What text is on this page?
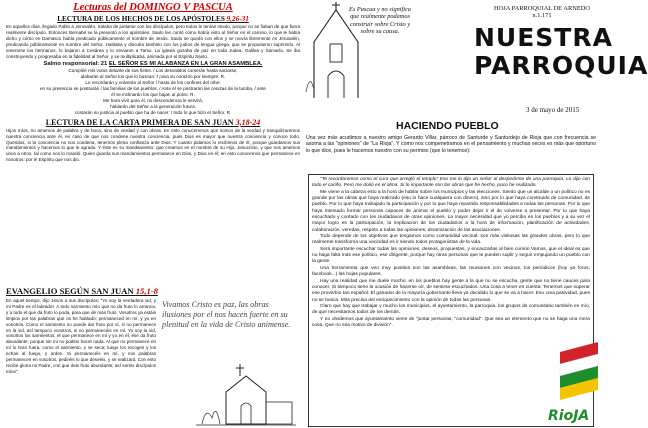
Lecturas del DOMINGO V PASCUA
LECTURA DE LOS HECHOS DE LOS APÓSTOLES 9,26-31

En aquellos días, llegado Pablo a Jerusalén, trataba de juntarse con los discípulos, pero todos le tenían miedo, porque no se fiaban de que fuera realmente discípulo. Entonces Bernabé se la presentó a los apóstoles. Saulo les contó cómo había visto al Señor en el camino, lo que le había dicho y cómo en Damasco había predicado públicamente el nombre de Jesús. Saulo se quedó con ellos y se movía libremente en Jerusalén, predicando públicamente en nombre del Señor. Hablaba y discutía también con los judíos de lengua griega, que se propusieron suprimirlo. Al enterarse los hermanos, lo bajaron a Cesárea y lo enviaron a Tarso. La iglesia gozaba de paz en toda Judea, Galilea y Samaría. Se iba construyendo y progresaba en la fidelidad al Señor, y se multiplicaba, animada por el Espíritu Santo.

Salmo responsorial: 21 EL SEÑOR ES MI ALABANZA EN LA GRAN ASAMBLEA.

Cumpliré mis votos delante de sus fieles. / Los desvalidos comerán hasta saciarse,

alabarán al Señor los que lo buscan: / ¡viva su corazón por siempre. R.

Lo recordarán y volverán al Señor / hasta de los confines del orbe;

en su presencia se postrarán / las familias de los pueblos. / Ante él se postrarán las cenizas de la tumba, / ante

él se inclinarán los que bajan al polvo. R.

Me hará vivir para él, mi descendencia le servirá,

hablarán del Señor a la generación futura,

contarán su justicia al pueblo que ha de nacer: / todo lo que hizo el Señor. R.

LECTURA DE LA CARTA PRIMERA DE SAN JUAN 3,18-24

Hijos míos, no amemos de palabra y de boca, sino de verdad y con obras. En esto conoceremos que somos de la verdad y tranquilizaremos nuestra conciencia ante él, en caso de que nos condene nuestra conciencia, pues Dios es mayor que nuestra conciencia y conoce todo. Queridos, si la conciencia no nos condena, tenemos plena confianza ante Dios. Y cuanto pidamos lo recibimos de él, porque guardamos sus mandamientos y hacemos lo que le agrada. Y éste es su mandamiento: que creamos en el nombre de su Hijo, Jesucristo, y que nos amemos unos a otros, tal como nos lo mandó. Quien guarda sus mandamientos permanece en Dios, y Dios en él; en esto conocemos que permanece en nosotros: por el Espíritu que nos dio.

EVANGELIO SEGÚN SAN JUAN 15,1-8

En aquel tiempo, dijo Jesús a sus discípulos: "Yo soy la verdadera vid, y mi Padre es el labrador. A todo sarmiento mío que no da fruto lo arranca, y a todo el que da fruto lo poda, para que dé más fruto. Vosotros ya estáis limpios por las palabras que os he hablado; permaneced en mí, y yo en vosotros. Como el sarmiento no puede dar fruto por sí, si no permanece en la vid, así tampoco vosotros, si no permanecéis en mí. Yo soy la vid, vosotros los sarmientos; el que permanece en mí y yo en él, ése da fruto abundante; porque sin mí no podéis hacer nada. Al que no permanece en mí lo tiran fuera, como el sarmiento, y se seca; luego los recogen y los echan al fuego, y arden. Si permanecéis en mí, y mis palabras permanecen en vosotros, pediréis lo que deseéis, y se realizará. Con esto recibe gloria mi Padre, con que deis fruto abundante; así seréis discípulos míos".

Vivamos Cristo es paz, las obras ilusiones por el nos hacen fuerte en su plenitud en la vida de Cristo anímense.

Es Pascua y no significa que realmente podamos construir sobre Cristo y sobre su causa.
HOJA PARROQUIAL DE ARNEDO n.1.171
NUESTRA
PARROQUIA
3 de mayo de 2015
HACIENDO PUEBLO

Una vez más acudimos a nuestro amigo Gerardo Villar, párroco de Santurde y Santurdejo de Rioja que con frecuencia se asoma a las "opiniones" de "La Rioja". Y como nos compenetramos en el pensamiento y muchas veces es más que oportuno lo que dice, pues le hacemos nuestro con su permiso (que lo tenemos):

"Te recordaremos como el cura que arregló el templo" Eso me lo dijo un señor al despedirme de una parroquia. Lo dijo con todo el cariño. Pero me dolió en el alma. Si lo importante son las obras que he hecho, poco he realizado.

Me viene a la cabeza esto a la hora de hablar sobre los municipios y las elecciones. Siento que un alcalde o un político no es grande por las obras que haya realizado (eso lo hace cualquiera con dinero), sino por lo que haya construido de comunidad, de pueblo. Por lo que haya trabajado la participación y por lo que haya repartido responsabilidades a todas las personas. Por lo que haya intentado formar personas capaces de animar el pueblo y poder dejar ir el de volverse a presentar. Por lo que haya escuchado y contado con los ciudadanos de otras opiniones. La mayor necesidad que yo percibo en los pueblos y a su vez el mayor logro es la participación, la implicación de los ciudadanos a la hora de información, planificación de actividades, colaboración, veredas, respeto a todas las opiniones, dinamización de las asociaciones.

Todo depende de los objetivos que tengamos como comunidad vecinal: son más visitosas las grandes obras, pero lo que realmente transforma una vecindad es ir siendo todos protagonistas de la vida.

Será importante escuchar todas las opiniones, deseos, propuestas, y encauzarlas al bien común Vamos, que el ideal es que no haga falta más ese político, ese dirigente, porque hay otras personas que le pueden suplir y seguir empujando un pueblo con la gente.

Una herramienta que veo muy positiva son las asambleas, las reuniones con vecinos, los periódicos (hoy ya foros, facebook...) las hojas populares.

Hay una realidad que me duele mucho: en los pueblos hay gente a la que no se escucha, gente que no tiene cauces para conocer. Si tampoco tiene la ocasión de hacerse oír, de sentirse escuchados. Una cosa a tener en cuenta: Tenemos que superar ese proverbio tan español: El ganador de la mayoría gobernante lleva ya decidido lo que se va a hacer. Eso crea pasividad, pues no se busca. Más precisa del enriquecimiento con la opinión de todas las personas.

Claro que hay que trabajar y mucho los municipios, el ayuntamiento, la parroquia, los grupos de comunitario también es mío, de que necesitamos todos de los demás.

Y no olvidemos que ayuntamiento viene de "juntar personas, "comunidad". Que sea un elemento que no se haga una mera cosa. Que no sea motivo de división".

RioJA
